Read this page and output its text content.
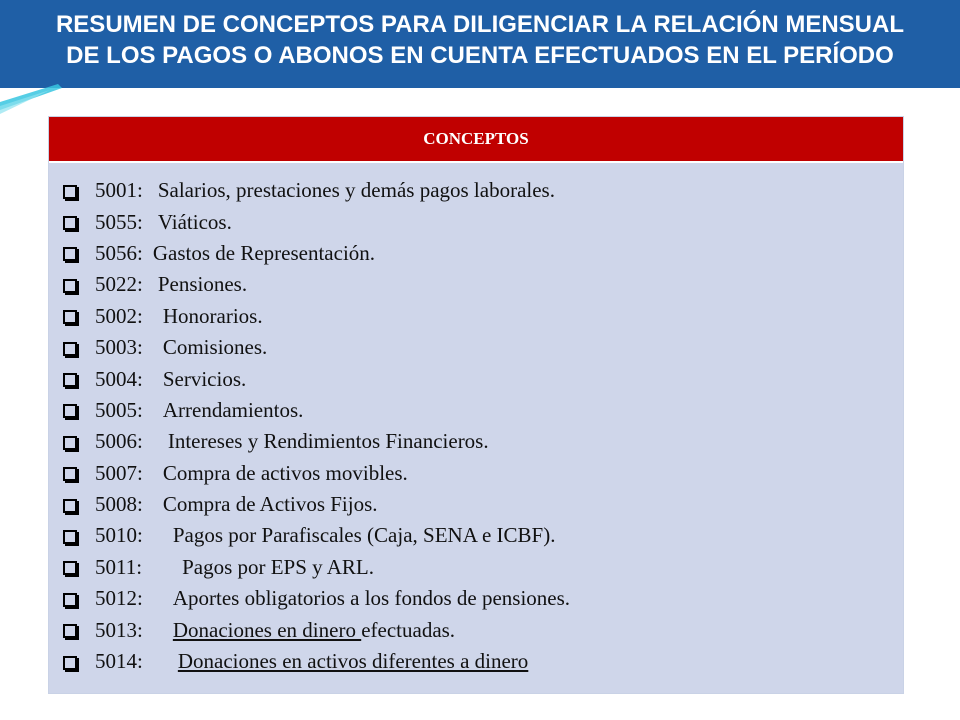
RESUMEN DE CONCEPTOS PARA DILIGENCIAR LA RELACIÓN MENSUAL
DE LOS PAGOS O ABONOS EN CUENTA EFECTUADOS EN EL PERÍODO
CONCEPTOS
5001: Salarios, prestaciones y demás pagos laborales.
5055: Viáticos.
5056: Gastos de Representación.
5022: Pensiones.
5002: Honorarios.
5003: Comisiones.
5004: Servicios.
5005: Arrendamientos.
5006: Intereses y Rendimientos Financieros.
5007: Compra de activos movibles.
5008: Compra de Activos Fijos.
5010: Pagos por Parafiscales (Caja, SENA e ICBF).
5011: Pagos por EPS y ARL.
5012: Aportes obligatorios a los fondos de pensiones.
5013: Donaciones en dinero efectuadas.
5014: Donaciones en activos diferentes a dinero
